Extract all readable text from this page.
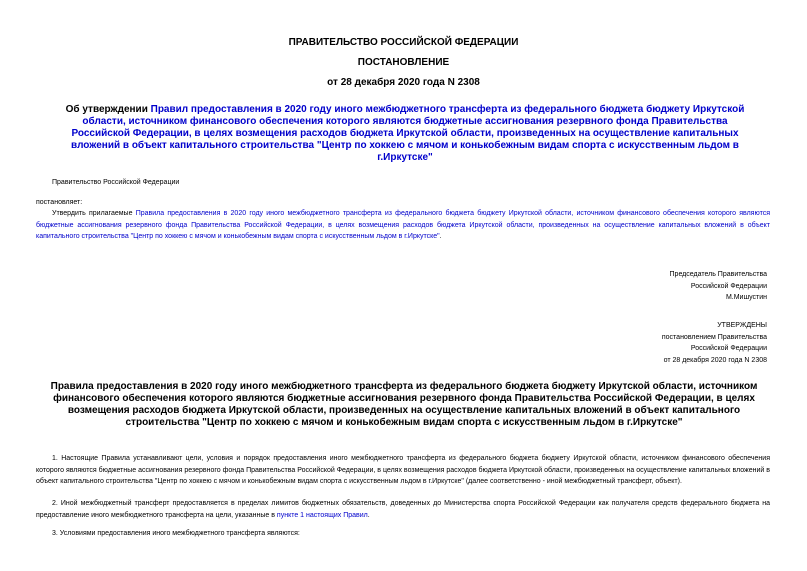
ПРАВИТЕЛЬСТВО РОССИЙСКОЙ ФЕДЕРАЦИИ
ПОСТАНОВЛЕНИЕ
от 28 декабря 2020 года N 2308
Об утверждении Правил предоставления в 2020 году иного межбюджетного трансферта из федерального бюджета бюджету Иркутской области, источником финансового обеспечения которого являются бюджетные ассигнования резервного фонда Правительства Российской Федерации, в целях возмещения расходов бюджета Иркутской области, произведенных на осуществление капитальных вложений в объект капитального строительства "Центр по хоккею с мячом и конькобежным видам спорта с искусственным льдом в г.Иркутске"
Правительство Российской Федерации
постановляет:
Утвердить прилагаемые Правила предоставления в 2020 году иного межбюджетного трансферта из федерального бюджета бюджету Иркутской области, источником финансового обеспечения которого являются бюджетные ассигнования резервного фонда Правительства Российской Федерации, в целях возмещения расходов бюджета Иркутской области, произведенных на осуществление капитальных вложений в объект капитального строительства "Центр по хоккею с мячом и конькобежным видам спорта с искусственным льдом в г.Иркутске".
Председатель Правительства
Российской Федерации
М.Мишустин
УТВЕРЖДЕНЫ
постановлением Правительства
Российской Федерации
от 28 декабря 2020 года N 2308
Правила предоставления в 2020 году иного межбюджетного трансферта из федерального бюджета бюджету Иркутской области, источником финансового обеспечения которого являются бюджетные ассигнования резервного фонда Правительства Российской Федерации, в целях возмещения расходов бюджета Иркутской области, произведенных на осуществление капитальных вложений в объект капитального строительства "Центр по хоккею с мячом и конькобежным видам спорта с искусственным льдом в г.Иркутске"
1. Настоящие Правила устанавливают цели, условия и порядок предоставления иного межбюджетного трансферта из федерального бюджета бюджету Иркутской области, источником финансового обеспечения которого являются бюджетные ассигнования резервного фонда Правительства Российской Федерации, в целях возмещения расходов бюджета Иркутской области, произведенных на осуществление капитальных вложений в объект капитального строительства "Центр по хоккею с мячом и конькобежным видам спорта с искусственным льдом в г.Иркутске" (далее соответственно - иной межбюджетный трансферт, объект).
2. Иной межбюджетный трансферт предоставляется в пределах лимитов бюджетных обязательств, доведенных до Министерства спорта Российской Федерации как получателя средств федерального бюджета на предоставление иного межбюджетного трансферта на цели, указанные в пункте 1 настоящих Правил.
3. Условиями предоставления иного межбюджетного трансферта являются:
